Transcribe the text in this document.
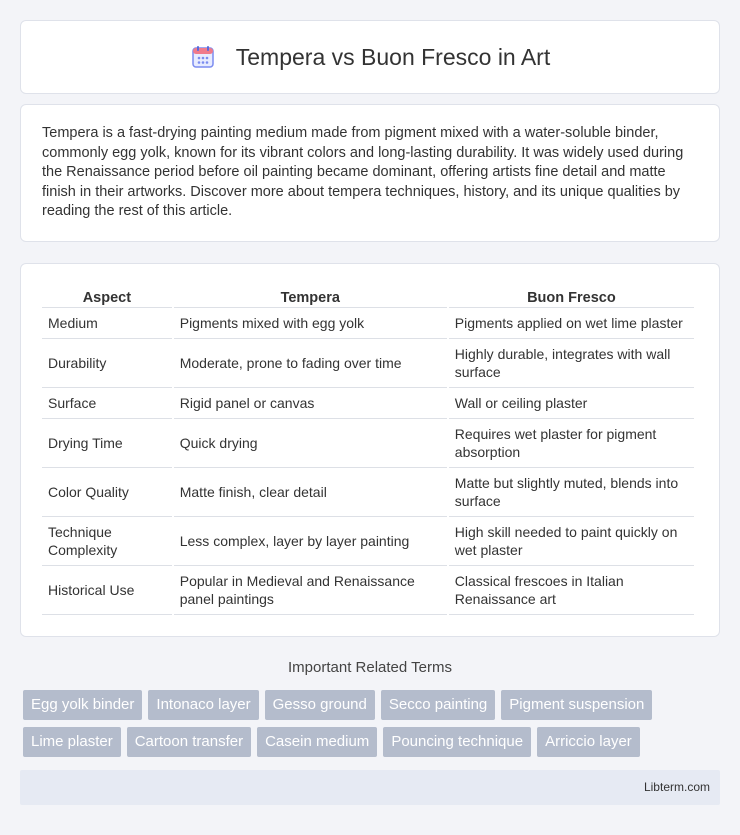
Tempera vs Buon Fresco in Art

Tempera is a fast-drying painting medium made from pigment mixed with a water-soluble binder, commonly egg yolk, known for its vibrant colors and long-lasting durability. It was widely used during the Renaissance period before oil painting became dominant, offering artists fine detail and matte finish in their artworks. Discover more about tempera techniques, history, and its unique qualities by reading the rest of this article.

Aspect	Tempera	Buon Fresco
Medium	Pigments mixed with egg yolk	Pigments applied on wet lime plaster
Durability	Moderate, prone to fading over time	Highly durable, integrates with wall surface
Surface	Rigid panel or canvas	Wall or ceiling plaster
Drying Time	Quick drying	Requires wet plaster for pigment absorption
Color Quality	Matte finish, clear detail	Matte but slightly muted, blends into surface
Technique Complexity	Less complex, layer by layer painting	High skill needed to paint quickly on wet plaster
Historical Use	Popular in Medieval and Renaissance panel paintings	Classical frescoes in Italian Renaissance art
Important Related Terms
Egg yolk binder	Intonaco layer	Gesso ground	Secco painting	Pigment suspension
Lime plaster	Cartoon transfer	Casein medium	Pouncing technique	Arriccio layer
Libterm.com
